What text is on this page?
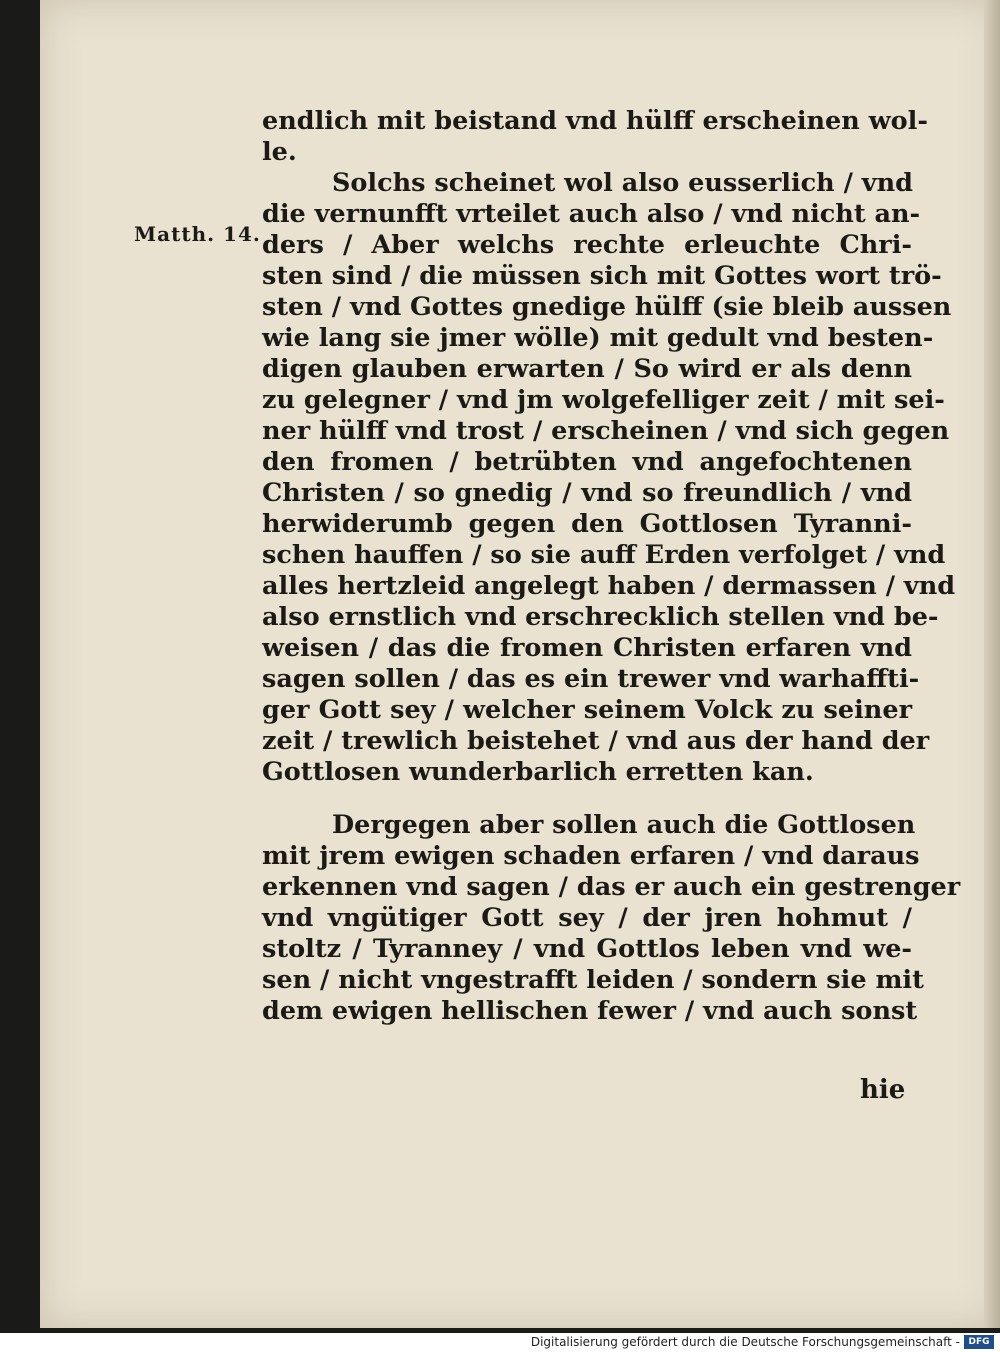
Matth. 14.
endlich mit beistand vnd hülff erscheinen wol-
le.
Solchs scheinet wol also eusserlich / vnd
die vernunfft vrteilet auch also / vnd nicht an-
ders / Aber welchs rechte erleuchte Chri-
sten sind / die müssen sich mit Gottes wort trö-
sten / vnd Gottes gnedige hülff (sie bleib aussen
wie lang sie jmer wölle) mit gedult vnd besten-
digen glauben erwarten / So wird er als denn
zu gelegner / vnd jm wolgefelliger zeit / mit sei-
ner hülff vnd trost / erscheinen / vnd sich gegen
den fromen / betrübten vnd angefochtenen
Christen / so gnedig / vnd so freundlich / vnd
herwiderumb gegen den Gottlosen Tyranni-
schen hauffen / so sie auff Erden verfolget / vnd
alles hertzleid angelegt haben / dermassen / vnd
also ernstlich vnd erschrecklich stellen vnd be-
weisen / das die fromen Christen erfaren vnd
sagen sollen / das es ein trewer vnd warhaffti-
ger Gott sey / welcher seinem Volck zu seiner
zeit / trewlich beistehet / vnd aus der hand der
Gottlosen wunderbarlich erretten kan.
Dergegen aber sollen auch die Gottlosen
mit jrem ewigen schaden erfaren / vnd daraus
erkennen vnd sagen / das er auch ein gestrenger
vnd vngütiger Gott sey / der jren hohmut /
stoltz / Tyranney / vnd Gottlos leben vnd we-
sen / nicht vngestrafft leiden / sondern sie mit
dem ewigen hellischen fewer / vnd auch sonst
hie
Digitalisierung gefördert durch die Deutsche Forschungsgemeinschaft - DFG
